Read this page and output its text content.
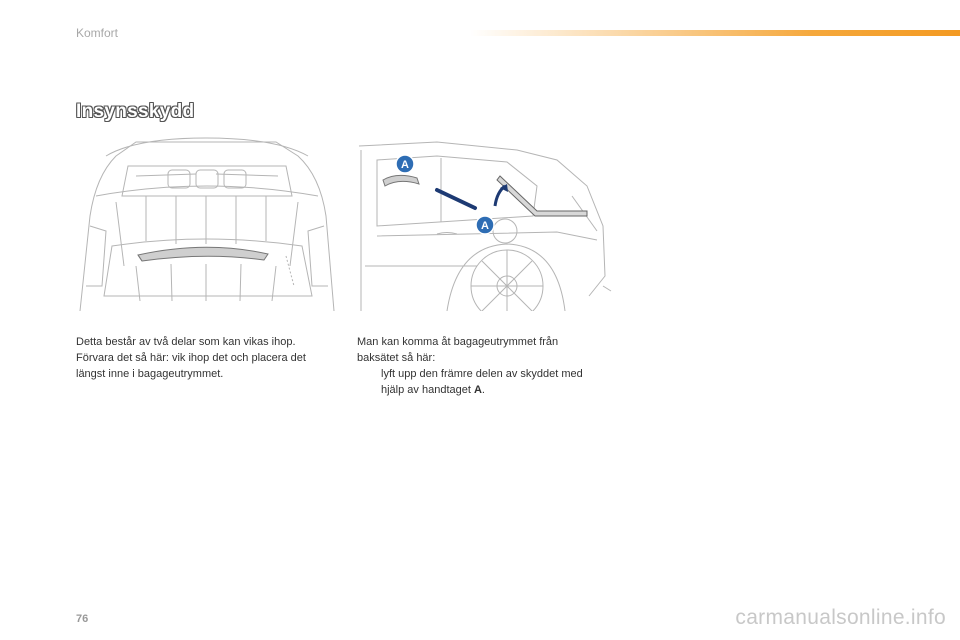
Komfort
Insynsskydd
A
A
Detta består av två delar som kan vikas ihop.
Förvara det så här: vik ihop det och placera det
längst inne i bagageutrymmet.
Man kan komma åt bagageutrymmet från
baksätet så här:
lyft upp den främre delen av skyddet med
hjälp av handtaget A.
76	carmanualsonline.info
